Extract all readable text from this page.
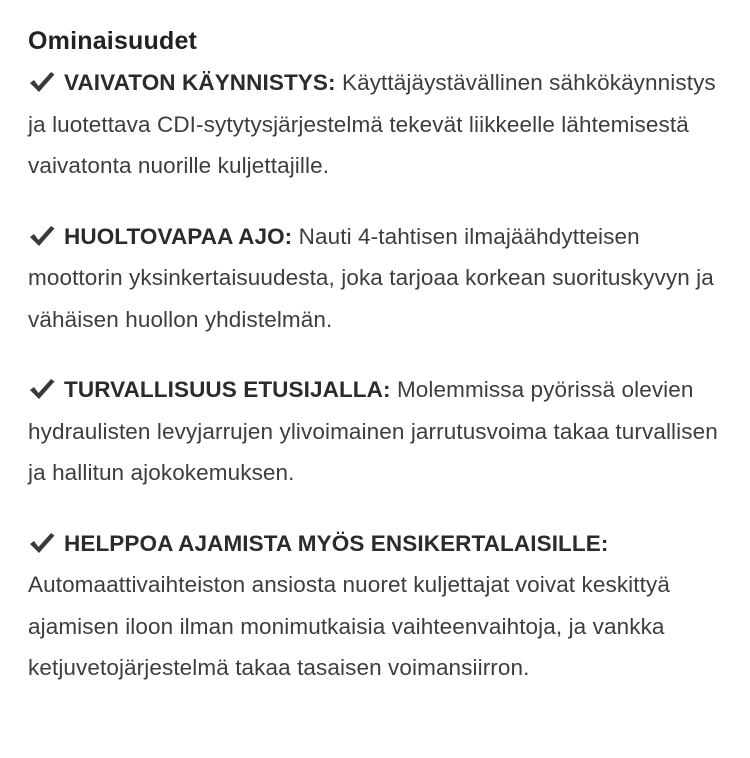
Ominaisuudet

VAIVATON KÄYNNISTYS: Käyttäjäystävällinen sähkökäynnistys ja luotettava CDI-sytytysjärjestelmä tekevät liikkeelle lähtemisestä vaivatonta nuorille kuljettajille.

HUOLTOVAPAA AJO: Nauti 4-tahtisen ilmajäähdytteisen moottorin yksinkertaisuudesta, joka tarjoaa korkean suorituskyvyn ja vähäisen huollon yhdistelmän.

TURVALLISUUS ETUSIJALLA: Molemmissa pyörissä olevien hydraulisten levyjarrujen ylivoimainen jarrutusvoima takaa turvallisen ja hallitun ajokokemuksen.

HELPPOA AJAMISTA MYÖS ENSIKERTALAISILLE: Automaattivaihteiston ansiosta nuoret kuljettajat voivat keskittyä ajamisen iloon ilman monimutkaisia vaihteenvaihtoja, ja vankka ketjuvetojärjestelmä takaa tasaisen voimansiirron.
